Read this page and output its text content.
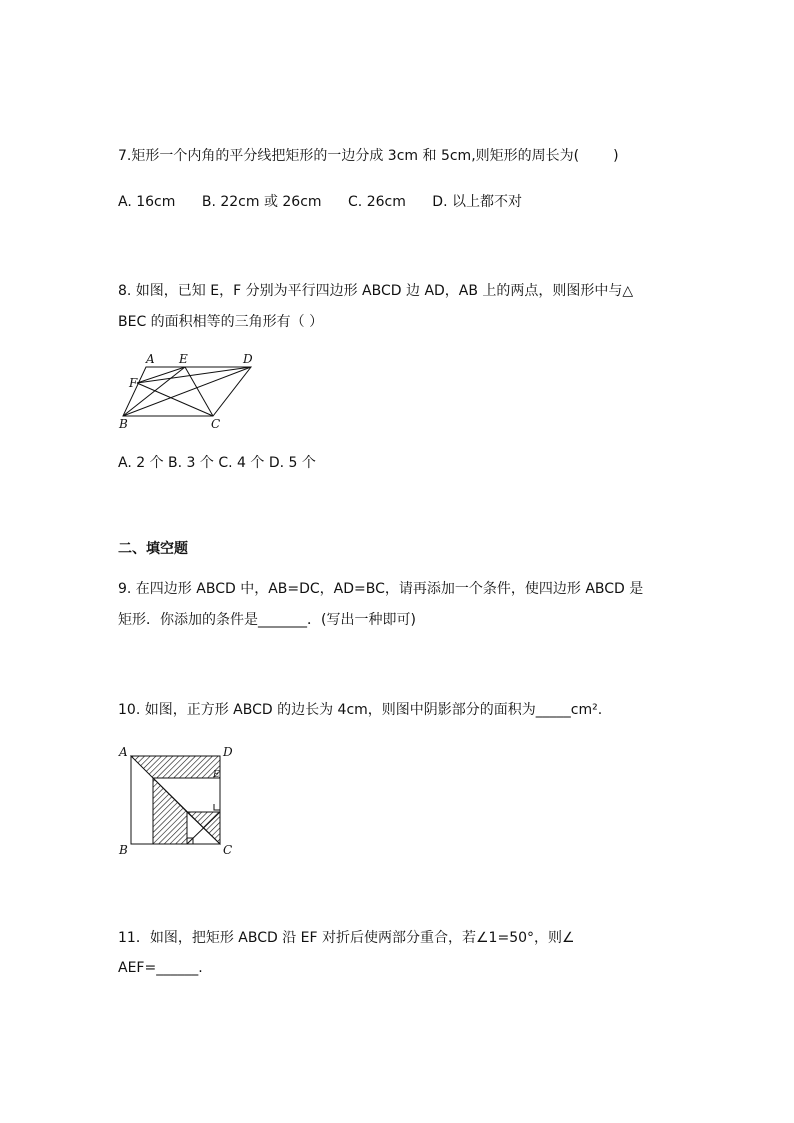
7.矩形一个内角的平分线把矩形的一边分成 3cm 和 5cm,则矩形的周长为( )
A. 16cm B. 22cm 或 26cm C. 26cm D. 以上都不对
8. 如图，已知 E，F 分别为平行四边形 ABCD 边 AD，AB 上的两点，则图形中与△
BEC 的面积相等的三角形有（ ）
A E	D
F
B	C
A. 2 个 B. 3 个 C. 4 个 D. 5 个
二、填空题
9. 在四边形 ABCD 中，AB=DC，AD=BC，请再添加一个条件，使四边形 ABCD 是
矩形．你添加的条件是_______．(写出一种即可)
10. 如图，正方形 ABCD 的边长为 4cm，则图中阴影部分的面积为_____cm².
A	D
E
B	C
11．如图，把矩形 ABCD 沿 EF 对折后使两部分重合，若∠1=50°，则∠
AEF=______.
